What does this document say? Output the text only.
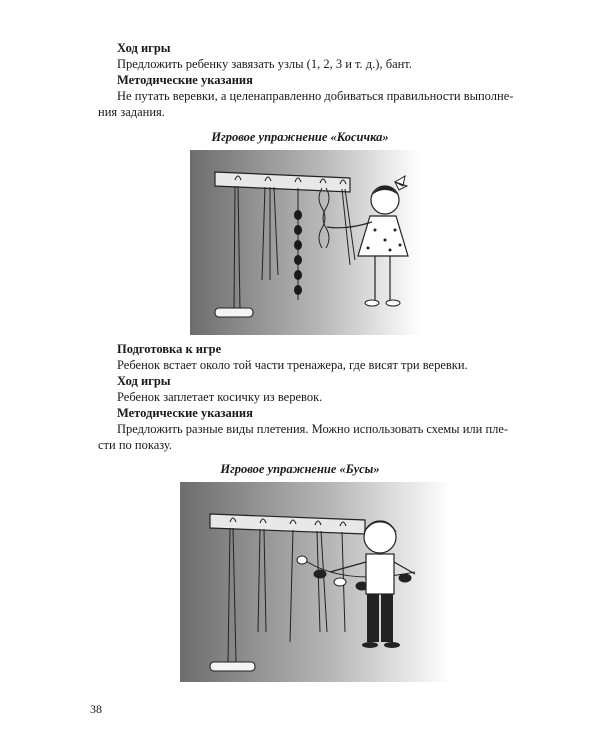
Ход игры
Предложить ребенку завязать узлы (1, 2, 3 и т. д.), бант.
Методические указания
Не путать веревки, а целенаправленно добиваться правильности выполне-
ния задания.
Игровое упражнение «Косичка»
Подготовка к игре
Ребенок встает около той части тренажера, где висят три веревки.
Ход игры
Ребенок заплетает косичку из веревок.
Методические указания
Предложить разные виды плетения. Можно использовать схемы или пле-
сти по показу.
Игровое упражнение «Бусы»
38
